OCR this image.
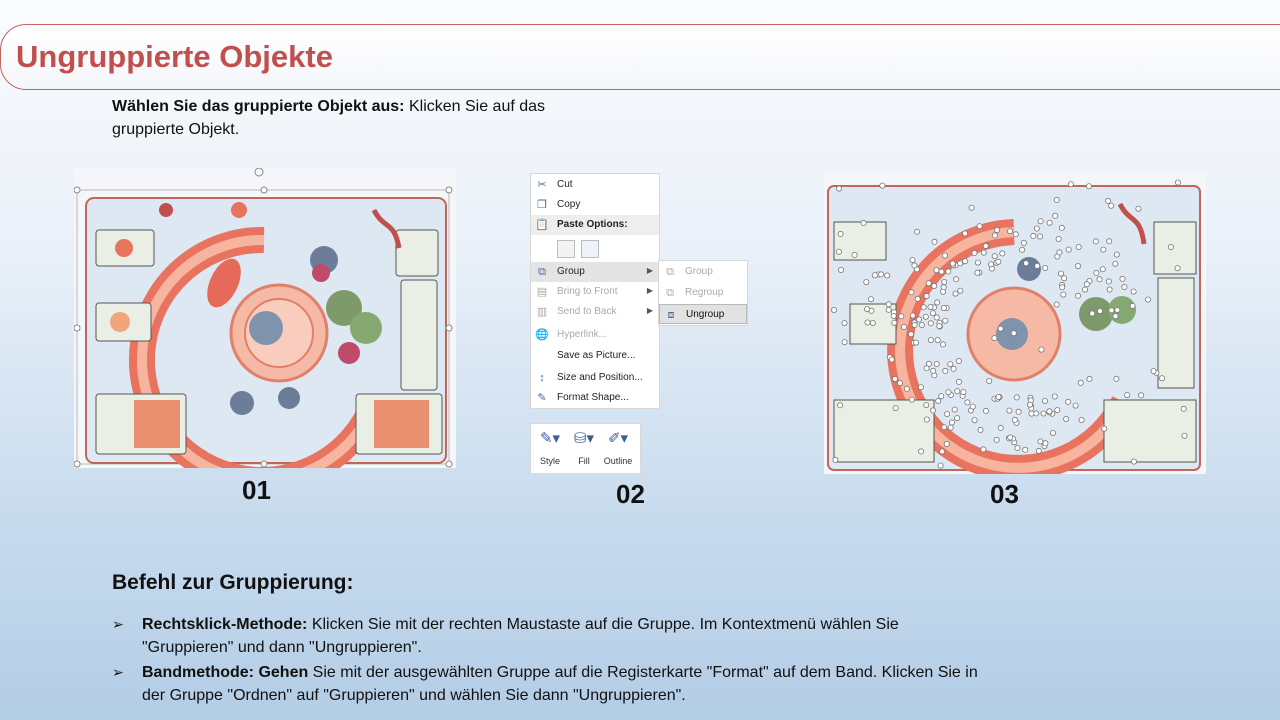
Ungruppierte Objekte
Wählen Sie das gruppierte Objekt aus: Klicken Sie auf das gruppierte Objekt.
01
✂ Cut
❐ Copy
📋 Paste Options:
⧉	Group	▶
▤ Bring to Front	▶
▥ Send to Back	▶
🌐 Hyperlink...
Save as Picture...
↕	Size and Position...
✎ Format Shape...
⧉	Group
⧉	Regroup
⧈	Ungroup
✎▾
Style
⛁▾
Fill
✐▾
Outline
02	03
Befehl zur Gruppierung:
➢ Rechtsklick-Methode: Klicken Sie mit der rechten Maustaste auf die Gruppe. Im Kontextmenü wählen Sie "Gruppieren" und dann "Ungruppieren".
➢ Bandmethode: Gehen Sie mit der ausgewählten Gruppe auf die Registerkarte "Format" auf dem Band. Klicken Sie in der Gruppe "Ordnen" auf "Gruppieren" und wählen Sie dann "Ungruppieren".
